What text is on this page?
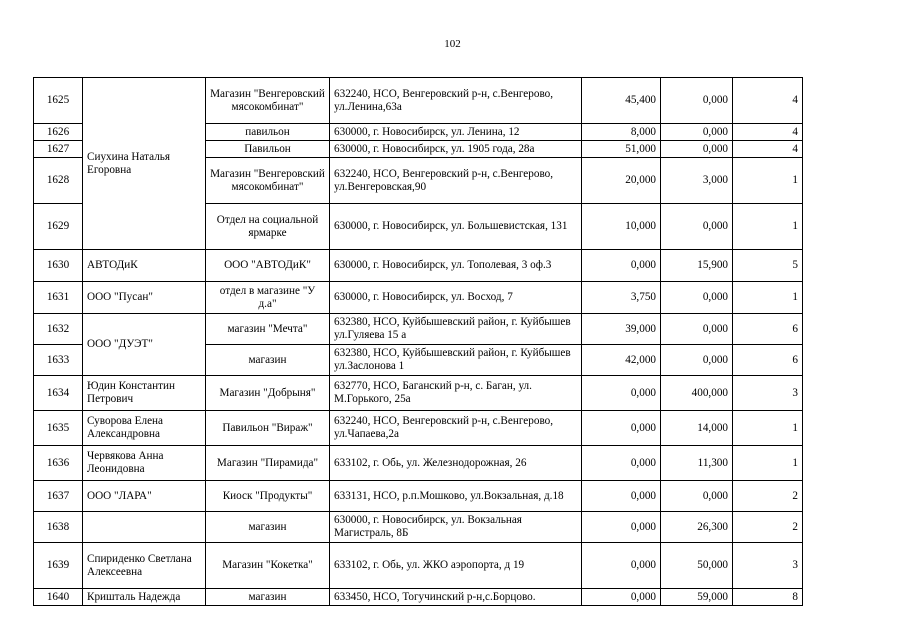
102
1625	Сиухина Наталья Егоровна	Магазин "Венгеровский мясокомбинат"	632240, НСО, Венгеровский р-н, с.Венгерово, ул.Ленина,63а	45,400	0,000	4
1626		павильон	630000, г. Новосибирск, ул. Ленина, 12	8,000	0,000	4
1627		Павильон	630000, г. Новосибирск, ул. 1905 года, 28а	51,000	0,000	4
1628		Магазин "Венгеровский мясокомбинат"	632240, НСО, Венгеровский р-н, с.Венгерово, ул.Венгеровская,90	20,000	3,000	1
1629		Отдел на социальной ярмарке	630000, г. Новосибирск, ул. Большевистская, 131	10,000	0,000	1
1630	АВТОДиК	ООО "АВТОДиК"	630000, г. Новосибирск, ул. Тополевая, 3 оф.3	0,000	15,900	5
1631	ООО "Пусан"	отдел в магазине "У д.а"	630000, г. Новосибирск, ул. Восход, 7	3,750	0,000	1
1632	ООО "ДУЭТ"	магазин "Мечта"	632380, НСО, Куйбышевский район, г. Куйбышев ул.Гуляева 15 а	39,000	0,000	6
1633		магазин	632380, НСО, Куйбышевский район, г. Куйбышев ул.Заслонова 1	42,000	0,000	6
1634	Юдин Константин Петрович	Магазин "Добрыня"	632770, НСО, Баганский р-н, с. Баган, ул. М.Горького, 25а	0,000	400,000	3
1635	Суворова Елена Александровна	Павильон "Вираж"	632240, НСО, Венгеровский р-н, с.Венгерово, ул.Чапаева,2а	0,000	14,000	1
1636	Червякова Анна Леонидовна	Магазин "Пирамида"	633102, г. Обь, ул. Железнодорожная, 26	0,000	11,300	1
1637	ООО "ЛАРА"	Киоск "Продукты"	633131, НСО, р.п.Мошково, ул.Вокзальная, д.18	0,000	0,000	2
1638		магазин	630000, г. Новосибирск, ул. Вокзальная Магистраль, 8Б	0,000	26,300	2
1639	Спириденко Светлана Алексеевна	Магазин "Кокетка"	633102, г. Обь, ул. ЖКО аэропорта, д 19	0,000	50,000	3
1640	Кришталь Надежда	магазин	633450, НСО, Тогучинский р-н,с.Борцово.	0,000	59,000	8
